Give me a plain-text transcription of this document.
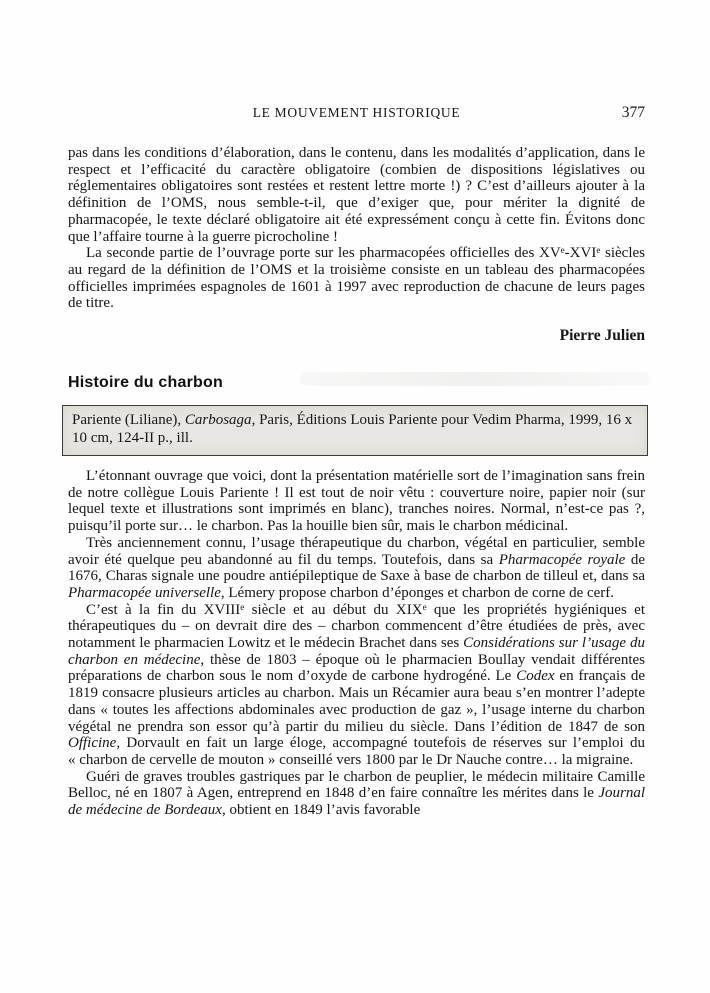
LE MOUVEMENT HISTORIQUE	377

pas dans les conditions d’élaboration, dans le contenu, dans les modalités d’application, dans le respect et l’efficacité du caractère obligatoire (combien de dispositions législatives ou réglementaires obligatoires sont restées et restent lettre morte !) ? C’est d’ailleurs ajouter à la définition de l’OMS, nous semble-t-il, que d’exiger que, pour mériter la dignité de pharmacopée, le texte déclaré obligatoire ait été expressément conçu à cette fin. Évitons donc que l’affaire tourne à la guerre picrocholine !

La seconde partie de l’ouvrage porte sur les pharmacopées officielles des XVe-XVIe siècles au regard de la définition de l’OMS et la troisième consiste en un tableau des pharmacopées officielles imprimées espagnoles de 1601 à 1997 avec reproduction de chacune de leurs pages de titre.

Pierre Julien

Histoire du charbon

Pariente (Liliane), Carbosaga, Paris, Éditions Louis Pariente pour Vedim Pharma, 1999, 16 x 10 cm, 124-II p., ill.

L’étonnant ouvrage que voici, dont la présentation matérielle sort de l’imagination sans frein de notre collègue Louis Pariente ! Il est tout de noir vêtu : couverture noire, papier noir (sur lequel texte et illustrations sont imprimés en blanc), tranches noires. Normal, n’est-ce pas ?, puisqu’il porte sur… le charbon. Pas la houille bien sûr, mais le charbon médicinal.

Très anciennement connu, l’usage thérapeutique du charbon, végétal en particulier, semble avoir été quelque peu abandonné au fil du temps. Toutefois, dans sa Pharmacopée royale de 1676, Charas signale une poudre antiépileptique de Saxe à base de charbon de tilleul et, dans sa Pharmacopée universelle, Lémery propose charbon d’éponges et charbon de corne de cerf.

C’est à la fin du XVIIIe siècle et au début du XIXe que les propriétés hygiéniques et thérapeutiques du – on devrait dire des – charbon commencent d’être étudiées de près, avec notamment le pharmacien Lowitz et le médecin Brachet dans ses Considérations sur l’usage du charbon en médecine, thèse de 1803 – époque où le pharmacien Boullay vendait différentes préparations de charbon sous le nom d’oxyde de carbone hydrogéné. Le Codex en français de 1819 consacre plusieurs articles au charbon. Mais un Récamier aura beau s’en montrer l’adepte dans « toutes les affections abdominales avec production de gaz », l’usage interne du charbon végétal ne prendra son essor qu’à partir du milieu du siècle. Dans l’édition de 1847 de son Officine, Dorvault en fait un large éloge, accompagné toutefois de réserves sur l’emploi du « charbon de cervelle de mouton » conseillé vers 1800 par le Dr Nauche contre… la migraine.

Guéri de graves troubles gastriques par le charbon de peuplier, le médecin militaire Camille Belloc, né en 1807 à Agen, entreprend en 1848 d’en faire connaître les mérites dans le Journal de médecine de Bordeaux, obtient en 1849 l’avis favorable
